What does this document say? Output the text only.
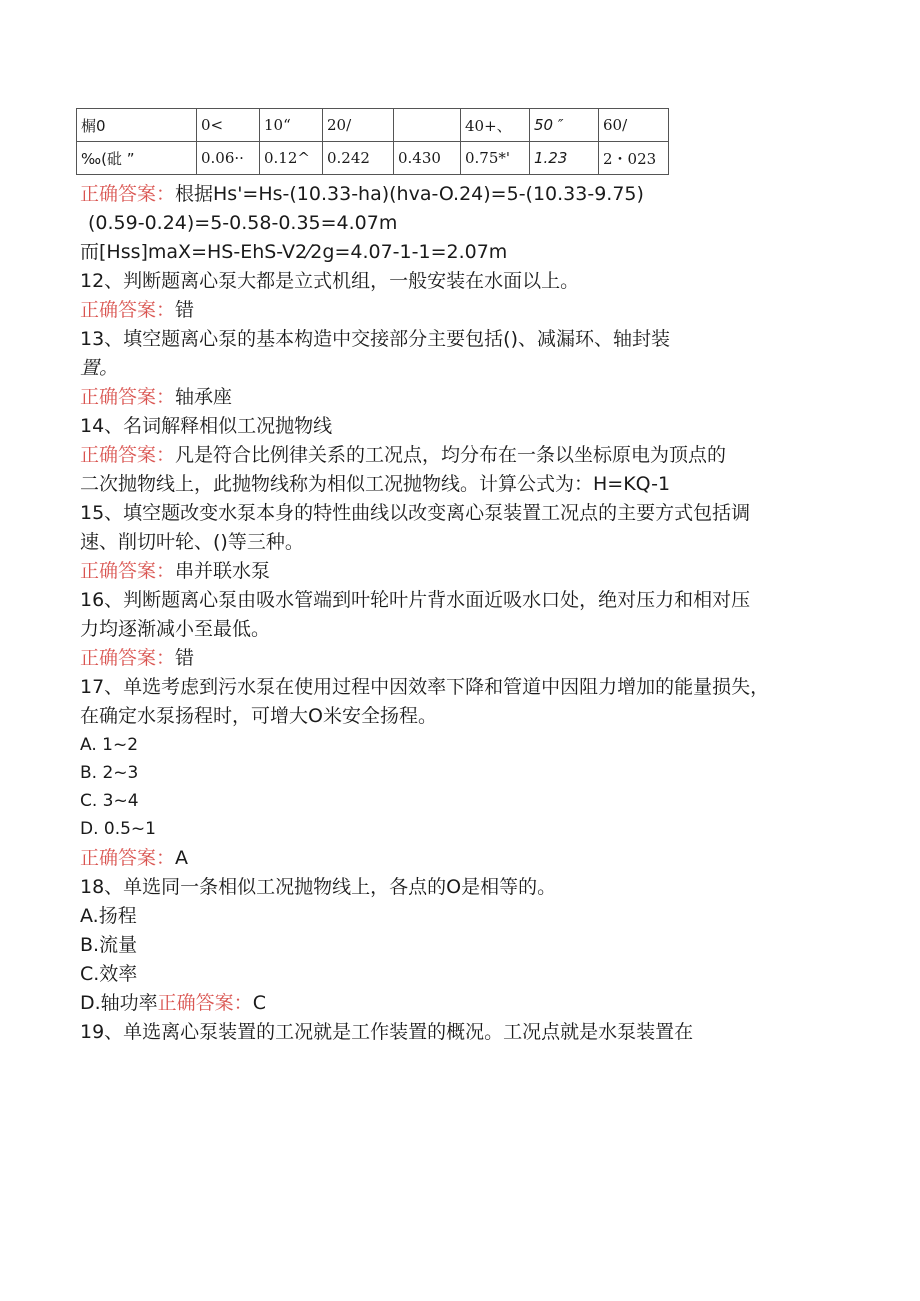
榍0	0<	10“	20/		40+、	50 ″	60/
‰(砒 ”	0.06··	0.12^	0.242	0.430	0.75*'	1.23	2・023
正确答案：根据Hs'=Hs-(10.33-ha)(hva-O.24)=5-(10.33-9.75)
(0.59-0.24)=5-0.58-0.35=4.07m
而[Hss]maX=HS-EhS-V2⁄2g=4.07-1-1=2.07m
12、判断题离心泵大都是立式机组，一般安装在水面以上。
正确答案：错
13、填空题离心泵的基本构造中交接部分主要包括()、减漏环、轴封装
置。
正确答案：轴承座
14、名词解释相似工况抛物线
正确答案：凡是符合比例律关系的工况点，均分布在一条以坐标原电为顶点的
二次抛物线上，此抛物线称为相似工况抛物线。计算公式为：H=KQ-1
15、填空题改变水泵本身的特性曲线以改变离心泵装置工况点的主要方式包括调
速、削切叶轮、()等三种。
正确答案：串并联水泵
16、判断题离心泵由吸水管端到叶轮叶片背水面近吸水口处，绝对压力和相对压
力均逐渐减小至最低。
正确答案：错
17、单选考虑到污水泵在使用过程中因效率下降和管道中因阻力增加的能量损失，
在确定水泵扬程时，可增大O米安全扬程。
A. 1~2
B. 2~3
C. 3~4
D. 0.5~1
正确答案：A
18、单选同一条相似工况抛物线上，各点的O是相等的。
A.扬程
B.流量
C.效率
D.轴功率正确答案：C
19、单选离心泵装置的工况就是工作装置的概况。工况点就是水泵装置在
